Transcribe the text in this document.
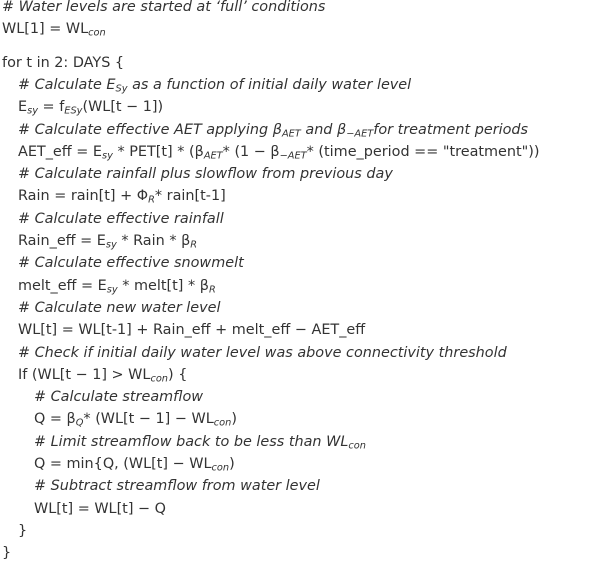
# Water levels are started at ‘full’ conditions
$WL[1] = WL_{con}$
for t in 2: DAYS {
# Calculate $E_{Sy}$ as a function of initial daily water level
$E_{sy} = f_{ESy}(WL[t - 1])$
# Calculate effective AET applying $\beta_{AET}$ and $\beta_{-AET}for$ treatment periods
AET_eff = $E_{sy} * PET[t] * (\beta_{AET}*$ ($1 - \beta_{-AET}*$ (time_period == "treatment"))
# Calculate rainfall plus slowflow from previous day
Rain = rain[t] + $\Phi_R*$ rain[t-1]
# Calculate effective rainfall
Rain_eff = $E_{sy}$ * Rain * $\beta_R$
# Calculate effective snowmelt
melt_eff = $E_{sy}$ * melt[t] * $\beta_R$
# Calculate new water level
WL[t] = WL[t-1] + Rain_eff + melt_eff − AET_eff
# Check if initial daily water level was above connectivity threshold
If $(WL[t - 1] > WL_{con})$ {
# Calculate streamflow
$Q = \beta_Q*$ $(WL[t - 1] - WL_{con})$
# Limit streamflow back to be less than $WL_{con}$
Q = min{Q, $(WL[t] - WL_{con})$
# Subtract streamflow from water level
WL[t] = WL[t] − Q
}
}
